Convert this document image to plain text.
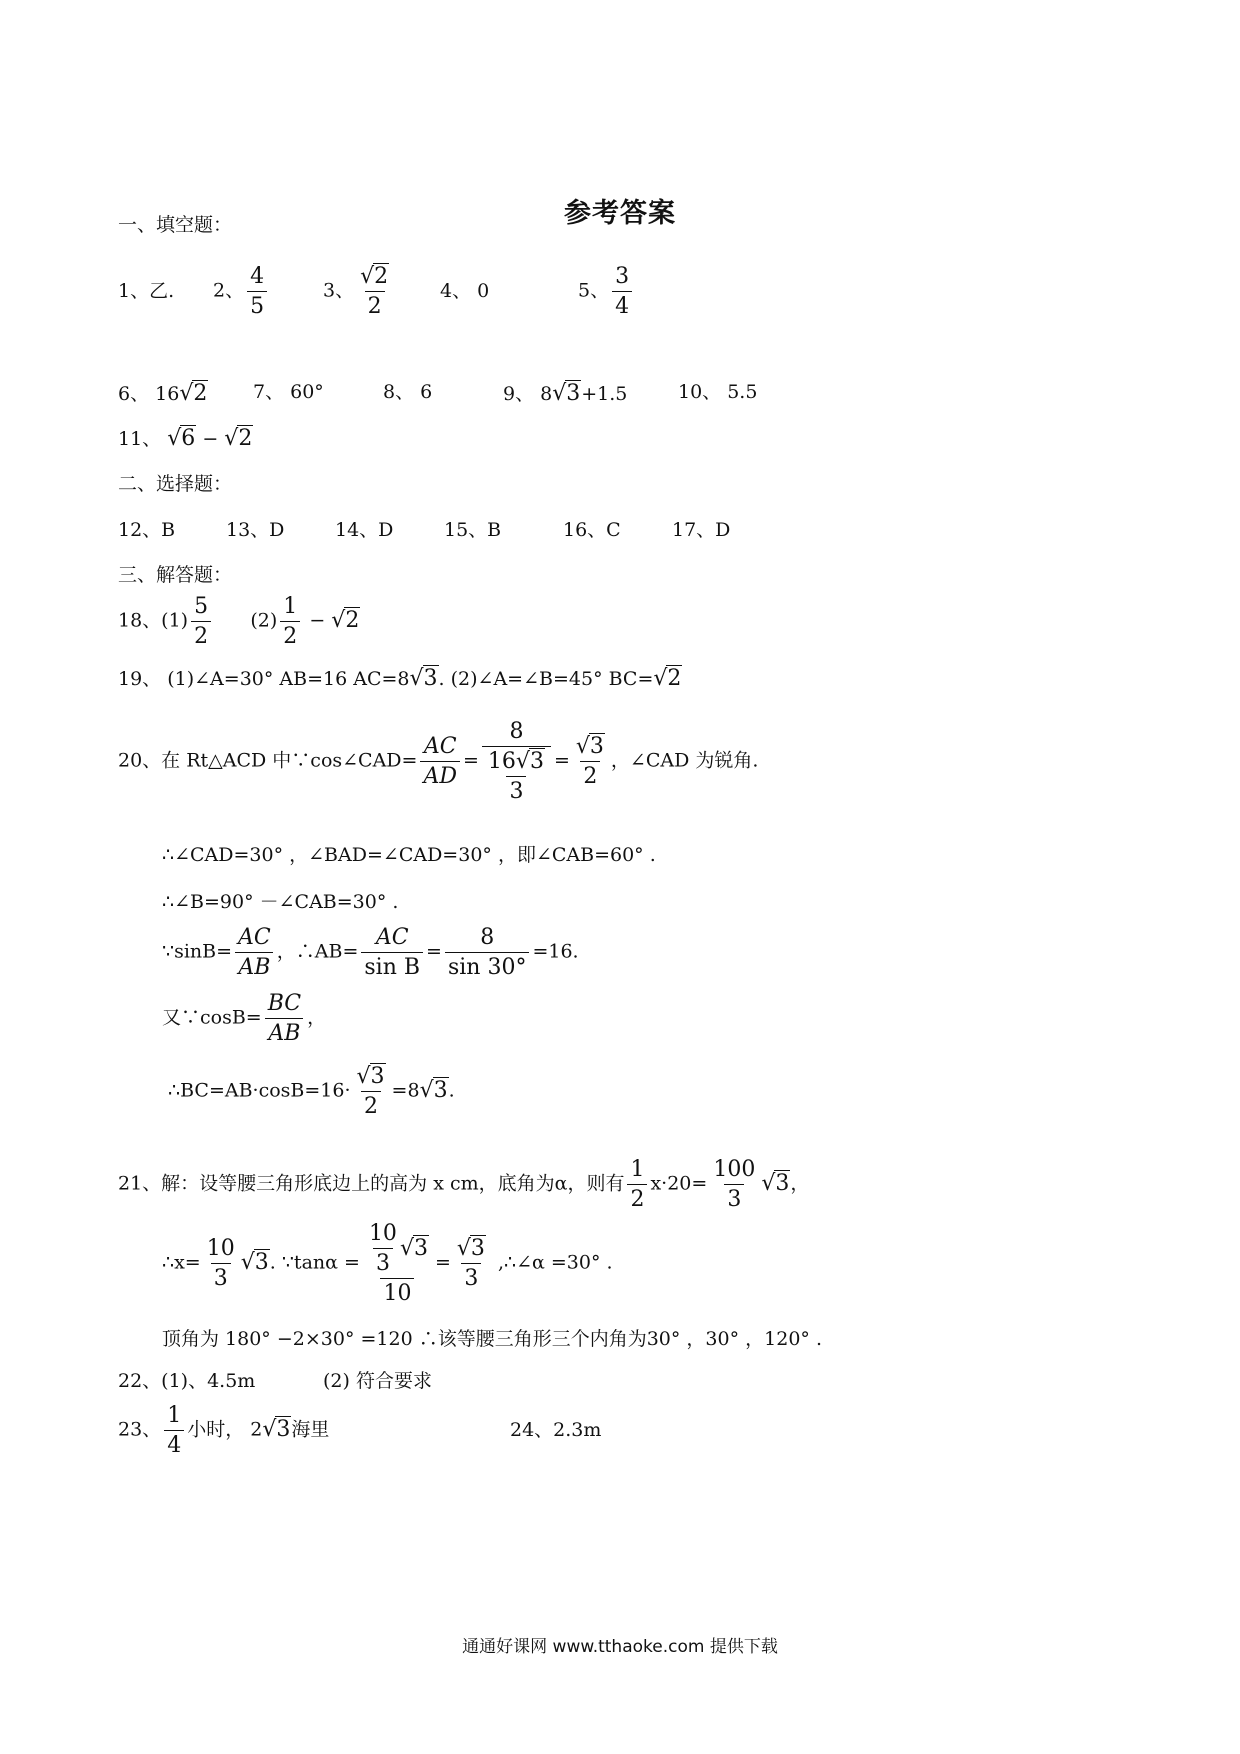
参考答案
一、填空题：
1、乙. 2、 $\frac{4}{5}$	3、 $\frac{√2}{2}$	4、 0	5、 $\frac{3}{4}$
6、 16√2 7、 60°	8、 6	9、 8√3+1.5	10、 5.5
11、 √6 − √2
二、选择题：
12、B	13、D	14、D	15、B	16、C	17、D
三、解答题：
18、$(1) \frac{5}{2} (2) \frac{1}{2} - √2$
19、 (1)∠A=30° AB=16 AC=8√3. (2)∠A=∠B=45° BC=√2
20、在 Rt△ACD 中∵cos∠CAD= $\frac{AC}{AD} = \frac{8}{\frac{16√3}{3}} = \frac{√3}{2}$ ，∠CAD 为锐角.
∴∠CAD=30° ，∠BAD=∠CAD=30° ，即∠CAB=60° .
∴∠B=90° －∠CAB=30° .
∵sinB= $\frac{AC}{AB}$ ，∴AB= $\frac{AC}{\text{sin B}} = \frac{8}{\sin 30^\circ} =16$.
又∵cosB= $\frac{BC}{AB}$ ，
∴BC=AB·cosB=16· $\frac{√3}{2} =8√3$.
21、解：设等腰三角形底边上的高为 x cm，底角为α，则有 $\frac{1}{2} x\cdot 20= \frac{100}{3} √3$，
∴x= $\frac{10}{3} √3$. ∵tanα = $\frac{\frac{10}{3} √3}{10} = \frac{√3}{3}$ ,∴∠α =30° .
顶角为 180° −2×30° =120 ∴该等腰三角形三个内角为30° ，30° ，120° .
22、(1)、4.5m	(2) 符合要求
23、 $\frac{1}{4}$ 小时， 2√3海里	24、2.3m
通通好课网 www.tthaoke.com 提供下载
